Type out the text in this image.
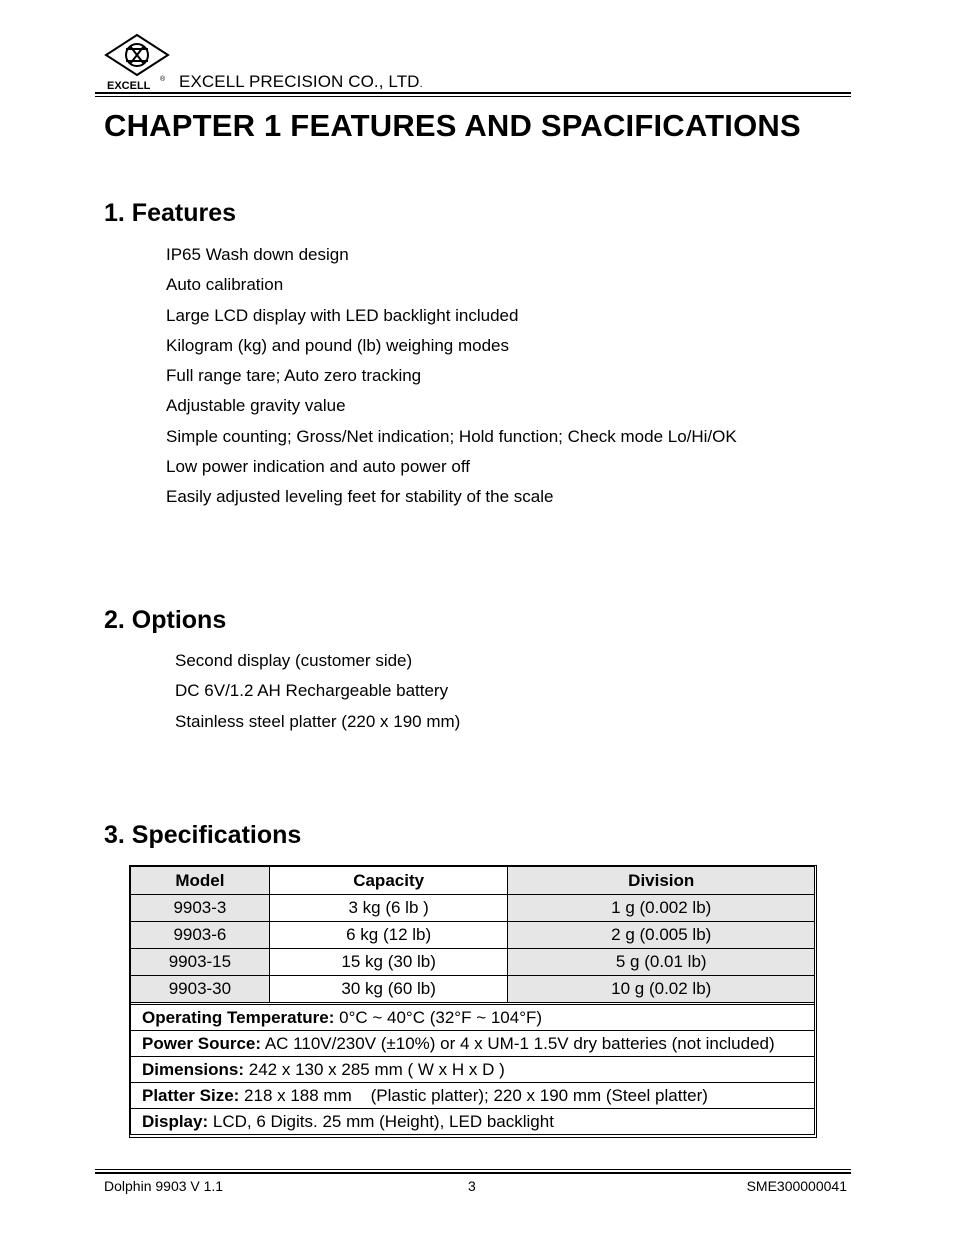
EXCELL
® EXCELL PRECISION CO., LTD.
CHAPTER 1 FEATURES AND SPACIFICATIONS
1. Features
IP65 Wash down design
Auto calibration
Large LCD display with LED backlight included
Kilogram (kg) and pound (lb) weighing modes
Full range tare; Auto zero tracking
Adjustable gravity value
Simple counting; Gross/Net indication; Hold function; Check mode Lo/Hi/OK
Low power indication and auto power off
Easily adjusted leveling feet for stability of the scale
2. Options
Second display (customer side)
DC 6V/1.2 AH Rechargeable battery
Stainless steel platter (220 x 190 mm)
3. Specifications
Model	Capacity	Division
9903-3	3 kg (6 lb )	1 g (0.002 lb)
9903-6	6 kg (12 lb)	2 g (0.005 lb)
9903-15	15 kg (30 lb)	5 g (0.01 lb)
9903-30	30 kg (60 lb)	10 g (0.02 lb)

Operating Temperature: 0°C ~ 40°C (32°F ~ 104°F)		
Power Source: AC 110V/230V (±10%) or 4 x UM-1 1.5V dry batteries (not included)		
Dimensions: 242 x 130 x 285 mm ( W x H x D )		
Platter Size: 218 x 188 mm    (Plastic platter); 220 x 190 mm (Steel platter)		
Display: LCD, 6 Digits. 25 mm (Height), LED backlight		
Dolphin 9903 V 1.1	3	SME300000041
